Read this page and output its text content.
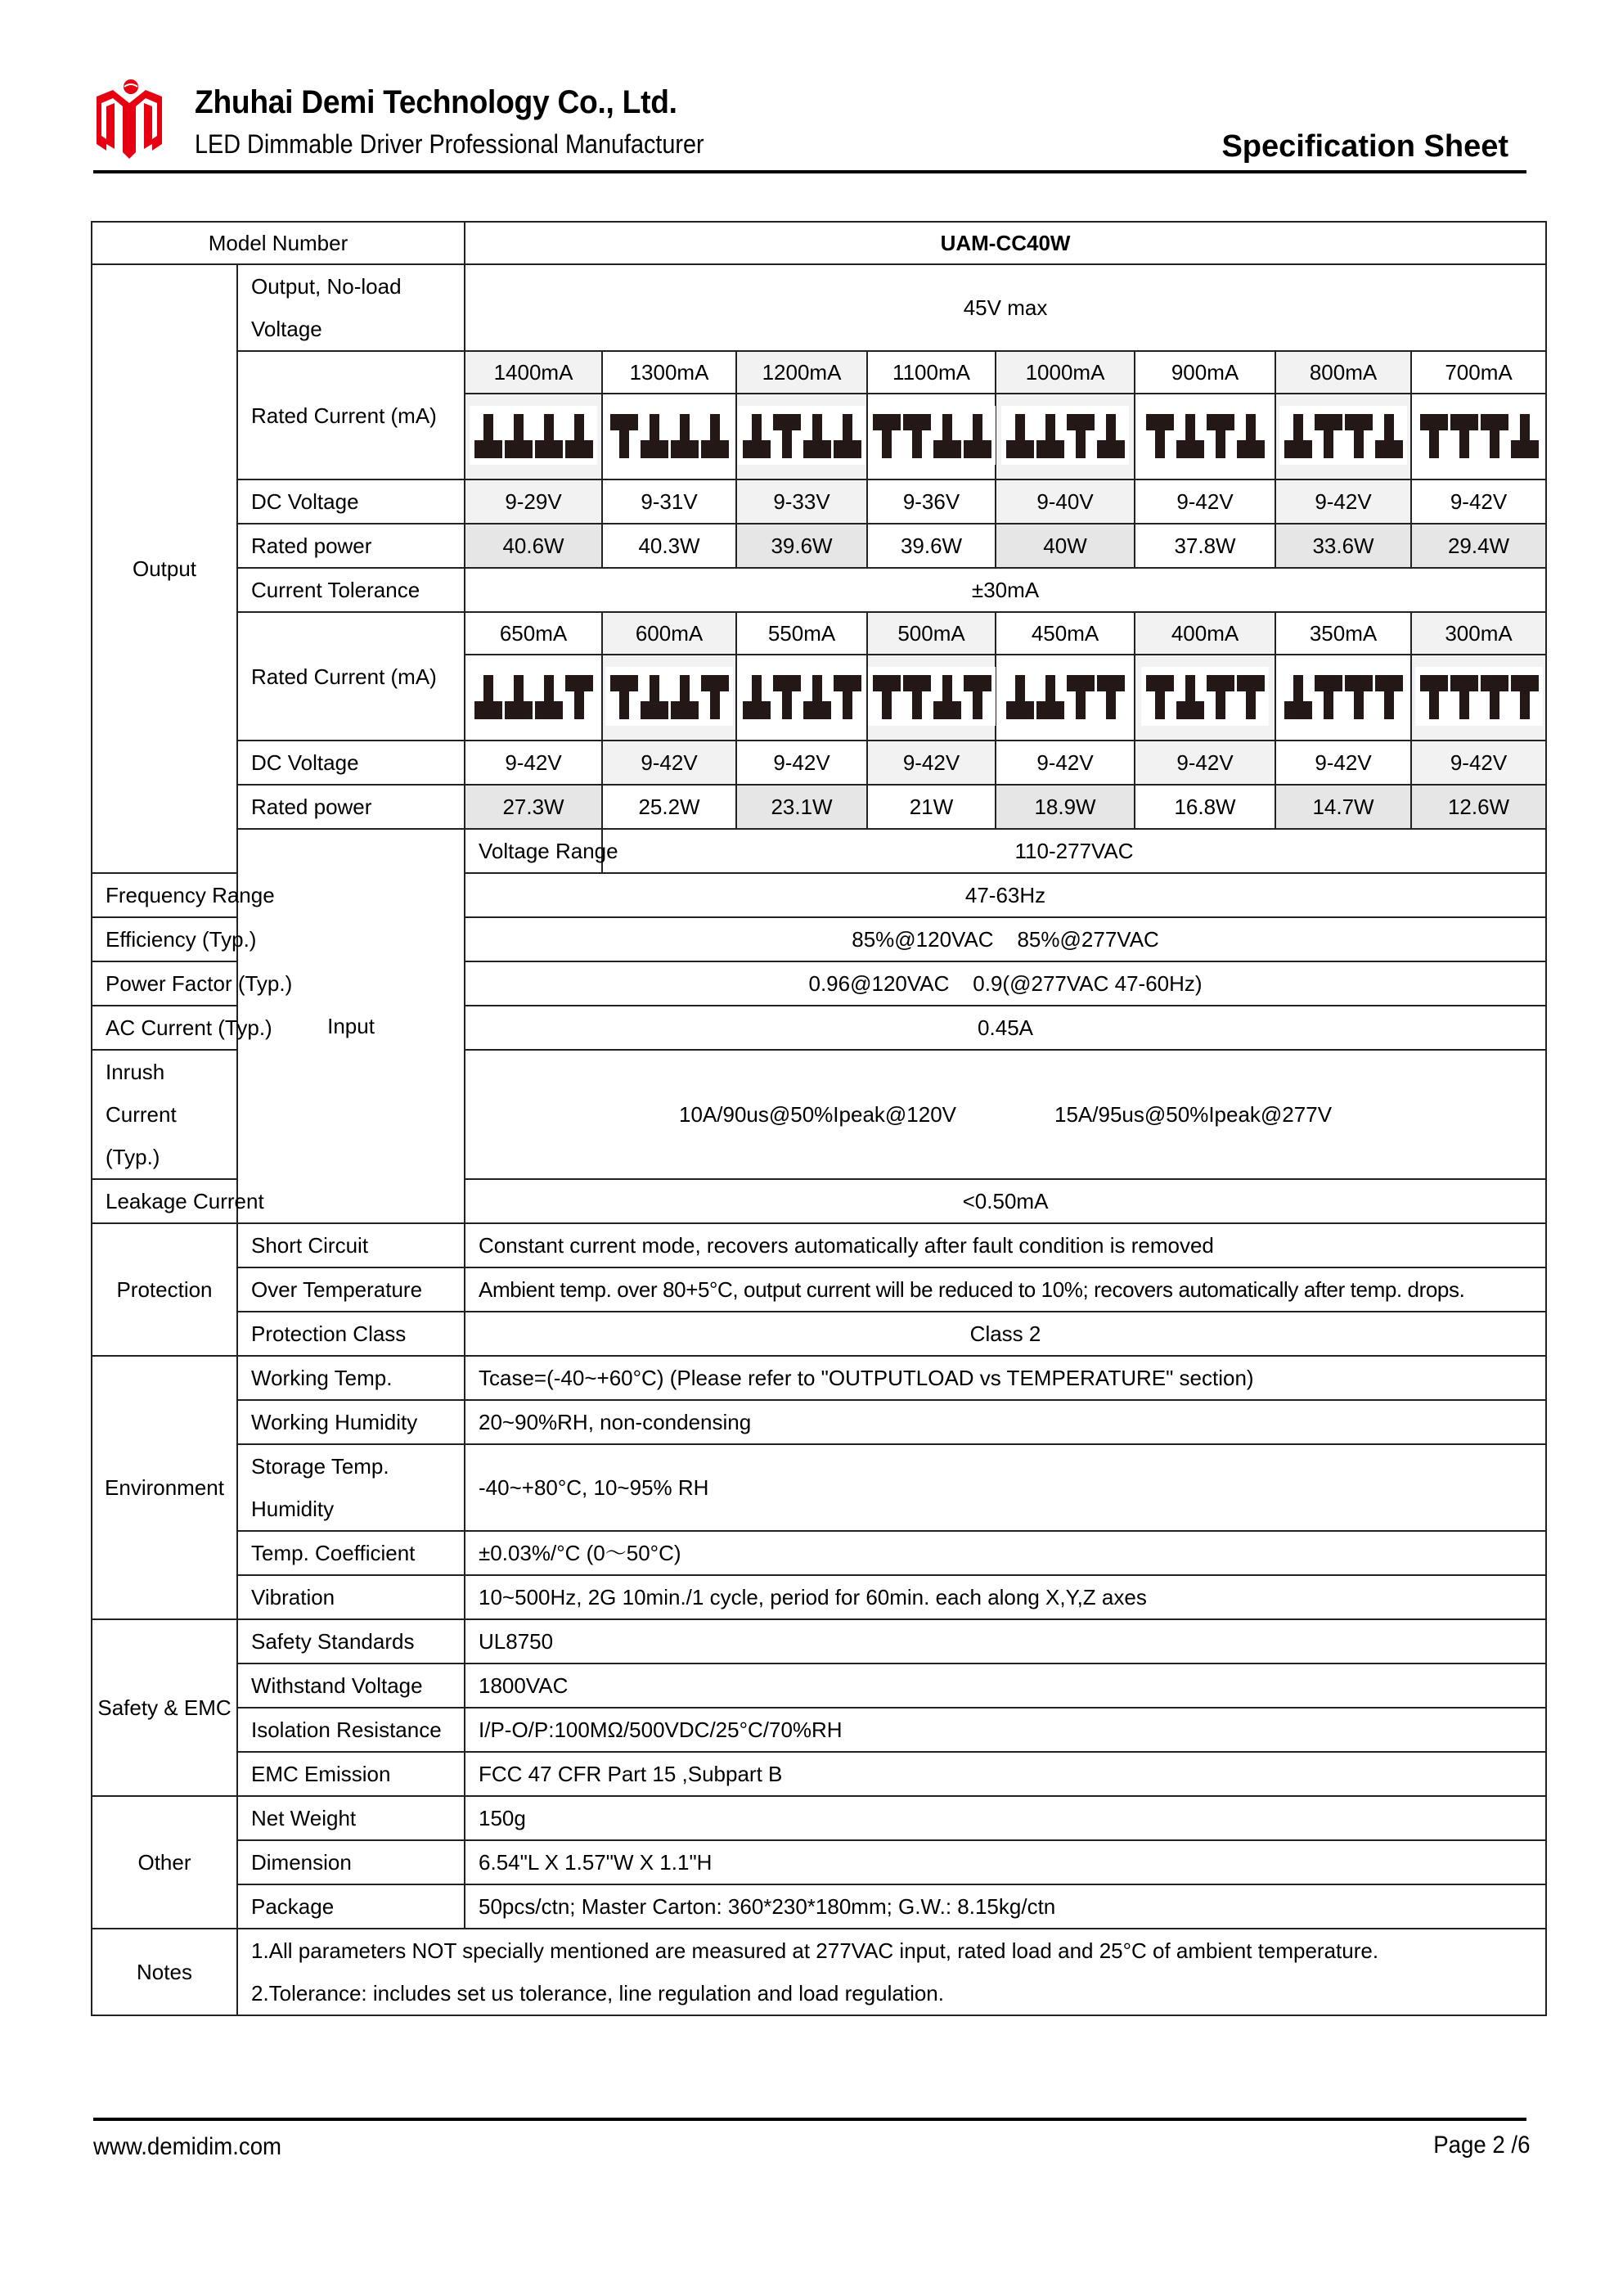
Zhuhai Demi Technology Co., Ltd.
LED Dimmable Driver Professional Manufacturer	Specification Sheet
Model Number		UAM-CC40W							
Output	Output, No-load Voltage	45V max							
	Rated Current (mA)	1400mA	1300mA	1200mA	1100mA	1000mA	900mA	800mA	700mA

	DC Voltage	9-29V	9-31V	9-33V	9-36V	9-40V	9-42V	9-42V	9-42V
	Rated power	40.6W	40.3W	39.6W	39.6W	40W	37.8W	33.6W	29.4W
	Current Tolerance	±30mA							
	Rated Current (mA)	650mA	600mA	550mA	500mA	450mA	400mA	350mA	300mA

	DC Voltage	9-42V	9-42V	9-42V	9-42V	9-42V	9-42V	9-42V	9-42V
	Rated power	27.3W	25.2W	23.1W	21W	18.9W	16.8W	14.7W	12.6W
	Input	Voltage Range	110-277VAC						
Frequency Range		47-63Hz							
Efficiency (Typ.)		85%@120VAC    85%@277VAC							
Power Factor (Typ.)		0.96@120VAC    0.9(@277VAC 47-60Hz)							
AC Current (Typ.)		0.45A							
Inrush Current (Typ.)		10A/90us@50%Ipeak@120V 15A/95us@50%Ipeak@277V							
Leakage Current		<0.50mA							
Protection	Short Circuit	Constant current mode, recovers automatically after fault condition is removed							
	Over Temperature	Ambient temp. over 80+5°C, output current will be reduced to 10%; recovers automatically after temp. drops.							
	Protection Class	Class 2							
Environment	Working Temp.	Tcase=(-40~+60°C) (Please refer to "OUTPUTLOAD vs TEMPERATURE" section)							
	Working Humidity	20~90%RH, non-condensing							
	Storage Temp. Humidity	-40~+80°C, 10~95% RH							
	Temp. Coefficient	±0.03%/°C (0～50°C)							
	Vibration	10~500Hz, 2G 10min./1 cycle, period for 60min. each along X,Y,Z axes							
Safety & EMC	Safety Standards	UL8750							
	Withstand Voltage	1800VAC							
	Isolation Resistance	I/P-O/P:100MΩ/500VDC/25°C/70%RH							
	EMC Emission	FCC 47 CFR Part 15 ,Subpart B							
Other	Net Weight	150g							
	Dimension	6.54"L X 1.57"W X 1.1"H							
	Package	50pcs/ctn; Master Carton: 360*230*180mm; G.W.: 8.15kg/ctn							
Notes	1.All parameters NOT specially mentioned are measured at 277VAC input, rated load and 25°C of ambient temperature.
2.Tolerance: includes set us tolerance, line regulation and load regulation.								
www.demidim.com	Page 2 /6
